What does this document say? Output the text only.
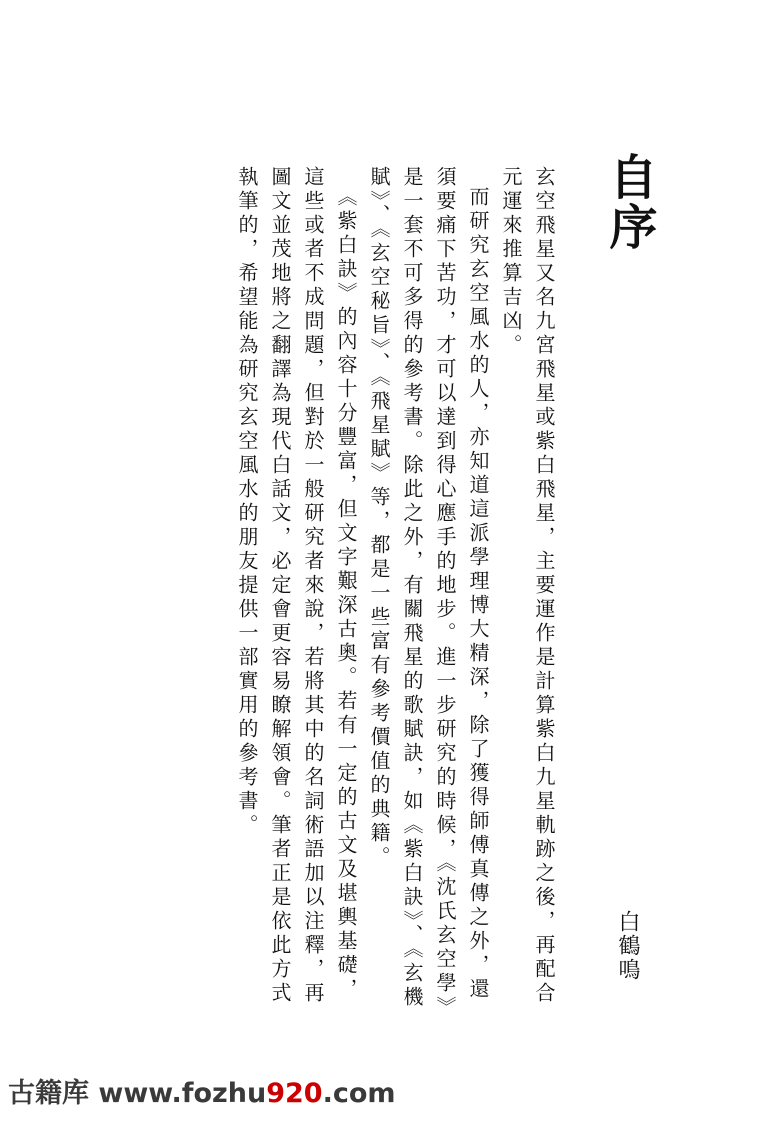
自序

玄空飛星又名九宮飛星或紫白飛星，主要運作是計算紫白九星軌跡之後，再配合元運來推算吉凶。

而研究玄空風水的人，亦知道這派學理博大精深，除了獲得師傅真傳之外，還須要痛下苦功，才可以達到得心應手的地步。進一步研究的時候，《沈氏玄空學》是一套不可多得的參考書。除此之外，有關飛星的歌賦訣，如《紫白訣》、《玄機賦》、《玄空秘旨》、《飛星賦》等，都是一些富有參考價值的典籍。

《紫白訣》的內容十分豐富，但文字艱深古奧。若有一定的古文及堪輿基礎，這些或者不成問題，但對於一般研究者來說，若將其中的名詞術語加以注釋，再圖文並茂地將之翻譯為現代白話文，必定會更容易瞭解領會。筆者正是依此方式執筆的，希望能為研究玄空風水的朋友提供一部實用的參考書。

白鶴鳴
古籍库 www.fozhu920.com
